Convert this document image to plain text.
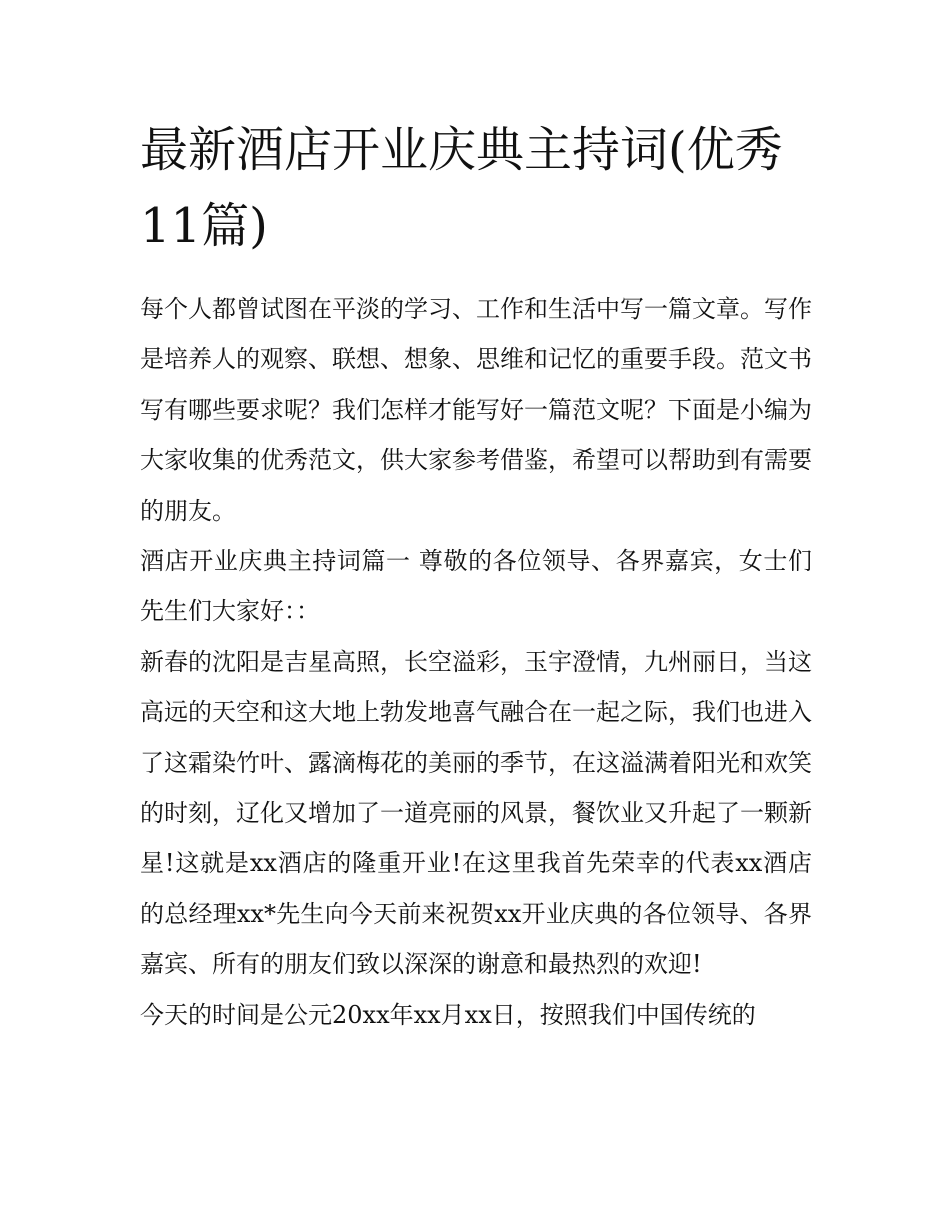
最新酒店开业庆典主持词(优秀11篇)

每个人都曾试图在平淡的学习、工作和生活中写一篇文章。写作是培养人的观察、联想、想象、思维和记忆的重要手段。范文书写有哪些要求呢？我们怎样才能写好一篇范文呢？下面是小编为大家收集的优秀范文，供大家参考借鉴，希望可以帮助到有需要的朋友。

酒店开业庆典主持词篇一 尊敬的各位领导、各界嘉宾，女士们先生们大家好：：

新春的沈阳是吉星高照，长空溢彩，玉宇澄情，九州丽日，当这高远的天空和这大地上勃发地喜气融合在一起之际，我们也进入了这霜染竹叶、露滴梅花的美丽的季节，在这溢满着阳光和欢笑的时刻，辽化又增加了一道亮丽的风景，餐饮业又升起了一颗新星!这就是xx酒店的隆重开业!在这里我首先荣幸的代表xx酒店的总经理xx*先生向今天前来祝贺xx开业庆典的各位领导、各界嘉宾、所有的朋友们致以深深的谢意和最热烈的欢迎!

今天的时间是公元20xx年xx月xx日，按照我们中国传统的
